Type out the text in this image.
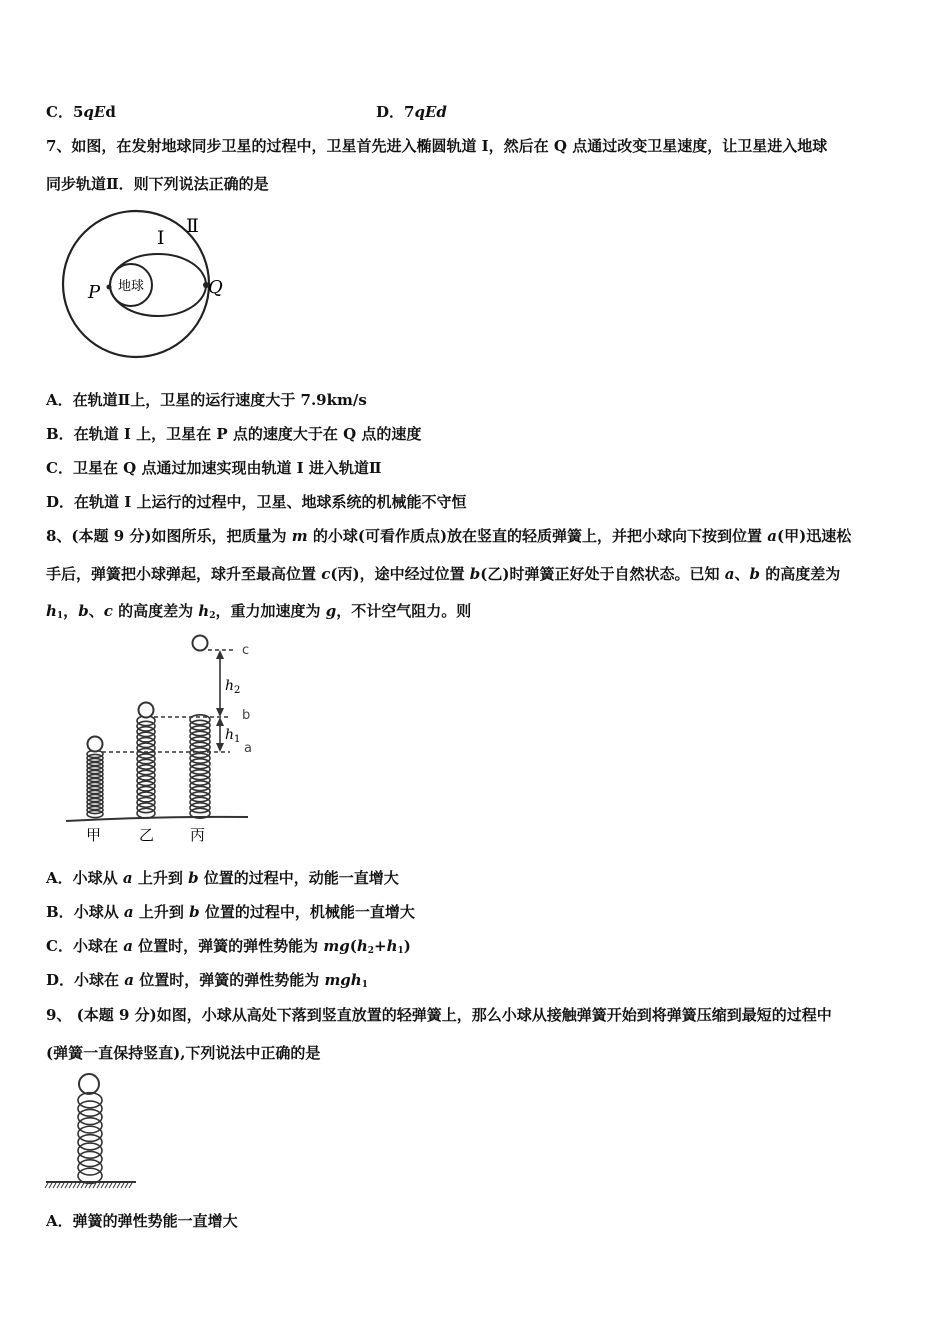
C．5qEd	D．7qEd
7、如图，在发射地球同步卫星的过程中，卫星首先进入椭圆轨道 I，然后在 Q 点通过改变卫星速度，让卫星进入地球
同步轨道Ⅱ．则下列说法正确的是
地球
I
Ⅱ
P	Q
A．在轨道Ⅱ上，卫星的运行速度大于 7.9km/s
B．在轨道 I 上，卫星在 P 点的速度大于在 Q 点的速度
C．卫星在 Q 点通过加速实现由轨道 I 进入轨道Ⅱ
D．在轨道 I 上运行的过程中，卫星、地球系统的机械能不守恒
8、(本题 9 分)如图所乐，把质量为 m 的小球(可看作质点)放在竖直的轻质弹簧上，并把小球向下按到位置 a(甲)迅速松
手后，弹簧把小球弹起，球升至最高位置 c(丙)，途中经过位置 b(乙)时弹簧正好处于自然状态。已知 a、b 的高度差为
$h_1$，b、c 的高度差为 $h_2$，重力加速度为 g，不计空气阻力。则
$h_2$
$h_1$
c
b
a
甲	乙 丙
A．小球从 a 上升到 b 位置的过程中，动能一直增大
B．小球从 a 上升到 b 位置的过程中，机械能一直增大
C．小球在 a 位置时，弹簧的弹性势能为 $mg(h_2+h_1)$
D．小球在 a 位置时，弹簧的弹性势能为 mgh$_1$
9、 (本题 9 分)如图，小球从高处下落到竖直放置的轻弹簧上，那么小球从接触弹簧开始到将弹簧压缩到最短的过程中
(弹簧一直保持竖直),下列说法中正确的是
A．弹簧的弹性势能一直增大
